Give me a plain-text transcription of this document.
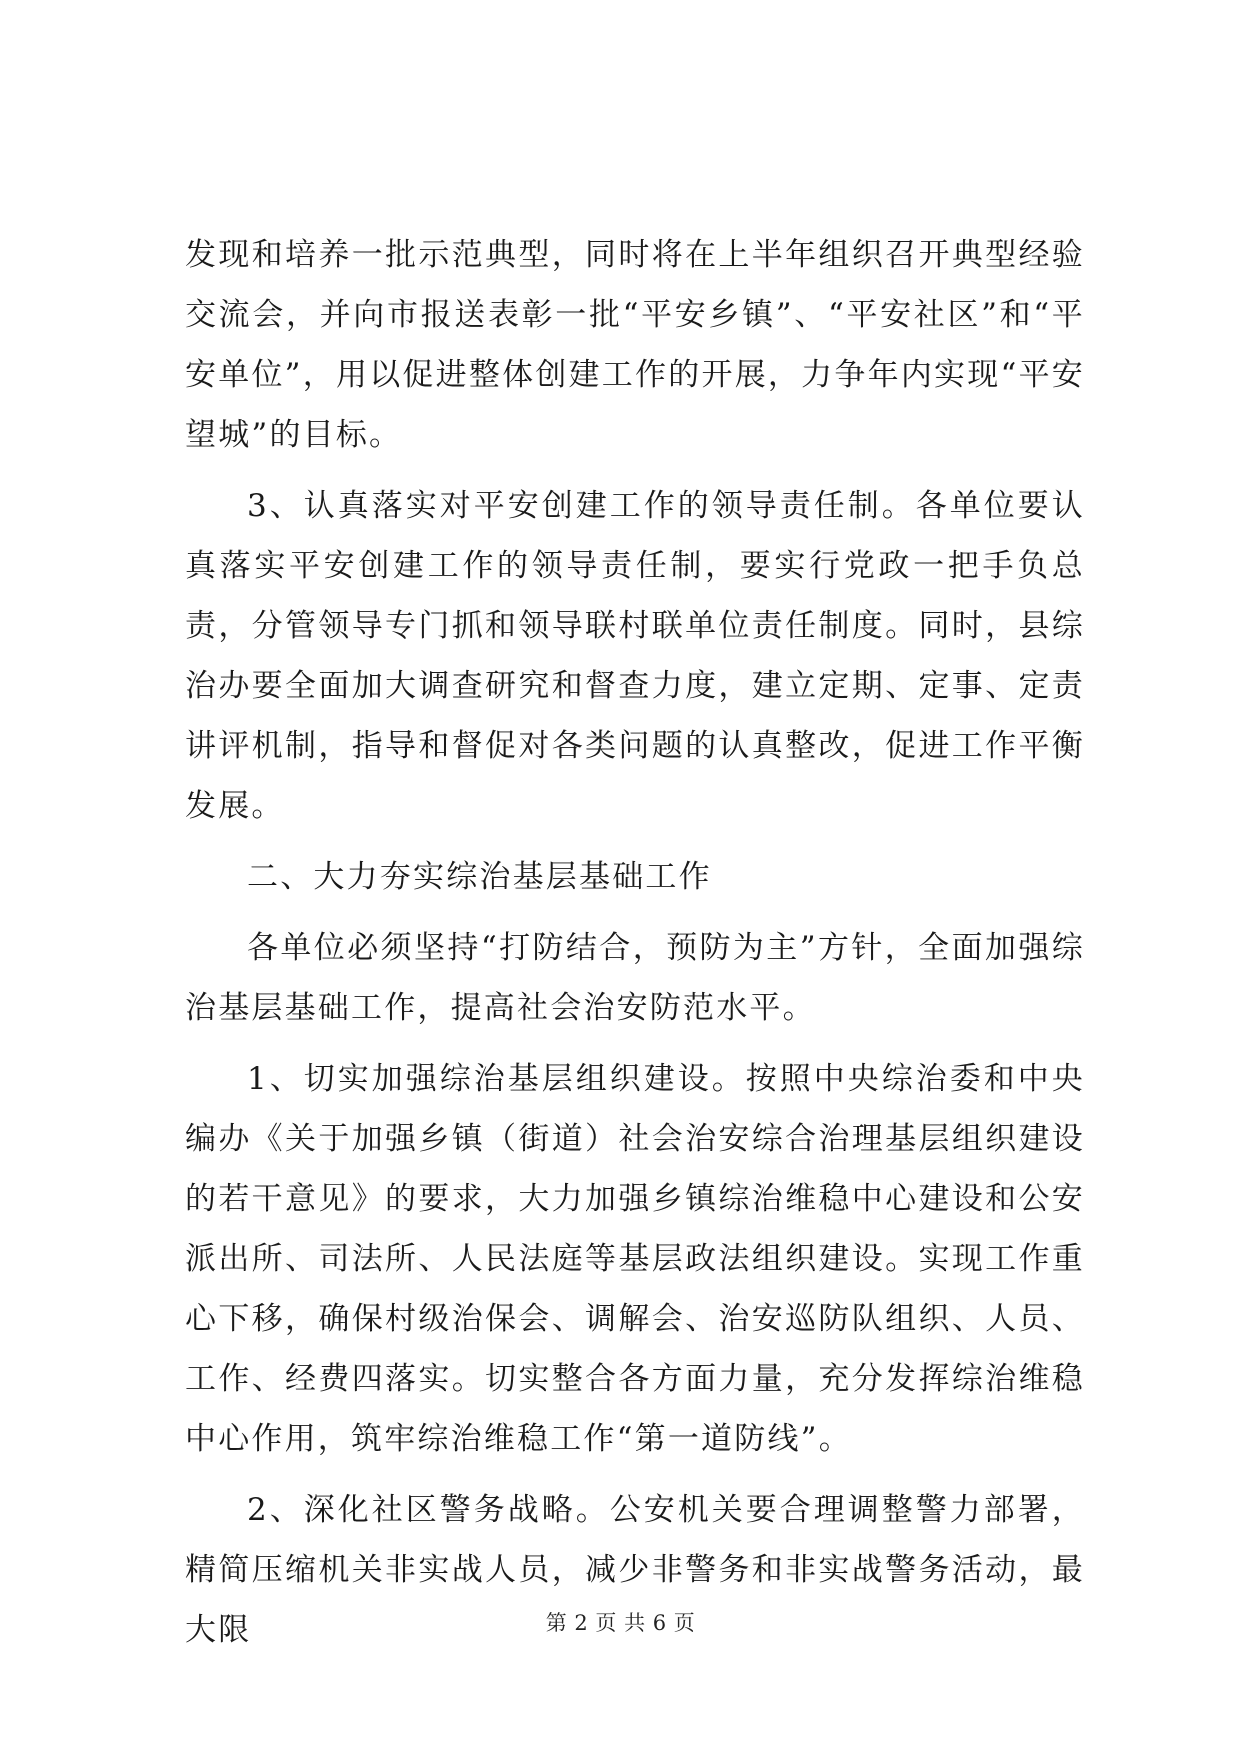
发现和培养一批示范典型，同时将在上半年组织召开典型经验交流会，并向市报送表彰一批“平安乡镇”、“平安社区”和“平安单位”，用以促进整体创建工作的开展，力争年内实现“平安望城”的目标。

3、认真落实对平安创建工作的领导责任制。各单位要认真落实平安创建工作的领导责任制，要实行党政一把手负总责，分管领导专门抓和领导联村联单位责任制度。同时，县综治办要全面加大调查研究和督查力度，建立定期、定事、定责讲评机制，指导和督促对各类问题的认真整改，促进工作平衡发展。

二、大力夯实综治基层基础工作

各单位必须坚持“打防结合，预防为主”方针，全面加强综治基层基础工作，提高社会治安防范水平。

1、切实加强综治基层组织建设。按照中央综治委和中央编办《关于加强乡镇（街道）社会治安综合治理基层组织建设的若干意见》的要求，大力加强乡镇综治维稳中心建设和公安派出所、司法所、人民法庭等基层政法组织建设。实现工作重心下移，确保村级治保会、调解会、治安巡防队组织、人员、工作、经费四落实。切实整合各方面力量，充分发挥综治维稳中心作用，筑牢综治维稳工作“第一道防线”。

2、深化社区警务战略。公安机关要合理调整警力部署，精简压缩机关非实战人员，减少非警务和非实战警务活动，最大限	第 2 页 共 6 页
